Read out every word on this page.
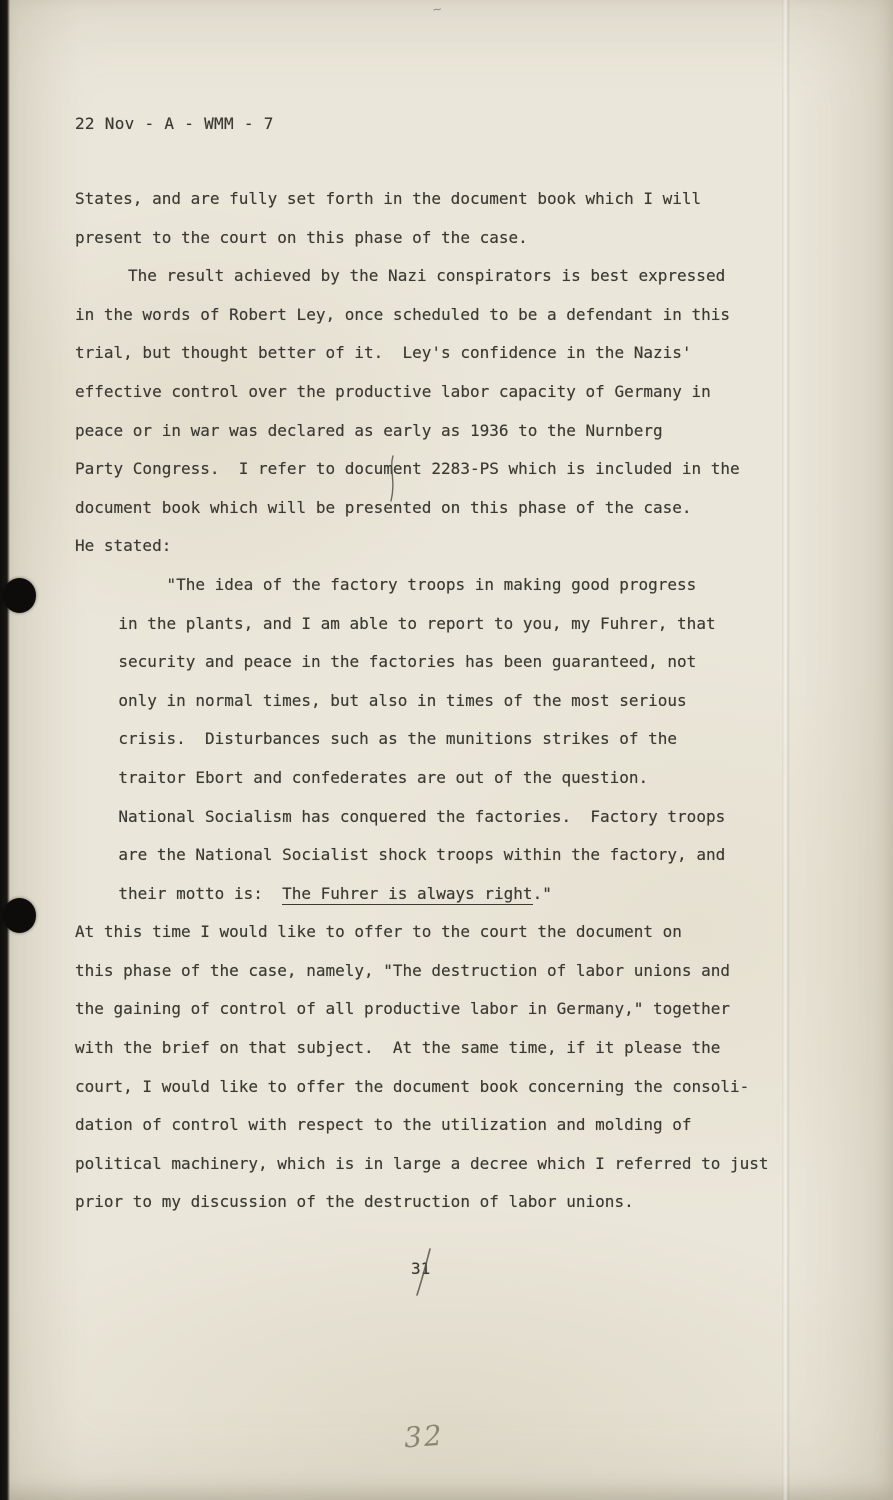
~
22 Nov - A - WMM - 7
States, and are fully set forth in the document book which I will
present to the court on this phase of the case.
The result achieved by the Nazi conspirators is best expressed
in the words of Robert Ley, once scheduled to be a defendant in this
trial, but thought better of it.  Ley's confidence in the Nazis'
effective control over the productive labor capacity of Germany in
peace or in war was declared as early as 1936 to the Nurnberg
Party Congress.  I refer to document 2283-PS which is included in the
document book which will be presented on this phase of the case.
He stated:
"The idea of the factory troops in making good progress
in the plants, and I am able to report to you, my Fuhrer, that
security and peace in the factories has been guaranteed, not
only in normal times, but also in times of the most serious
crisis.  Disturbances such as the munitions strikes of the
traitor Ebort and confederates are out of the question.
National Socialism has conquered the factories.  Factory troops
are the National Socialist shock troops within the factory, and
their motto is:  The Fuhrer is always right."
At this time I would like to offer to the court the document on
this phase of the case, namely, "The destruction of labor unions and
the gaining of control of all productive labor in Germany," together
with the brief on that subject.  At the same time, if it please the
court, I would like to offer the document book concerning the consoli-
dation of control with respect to the utilization and molding of
political machinery, which is in large a decree which I referred to just
prior to my discussion of the destruction of labor unions.
31
32
